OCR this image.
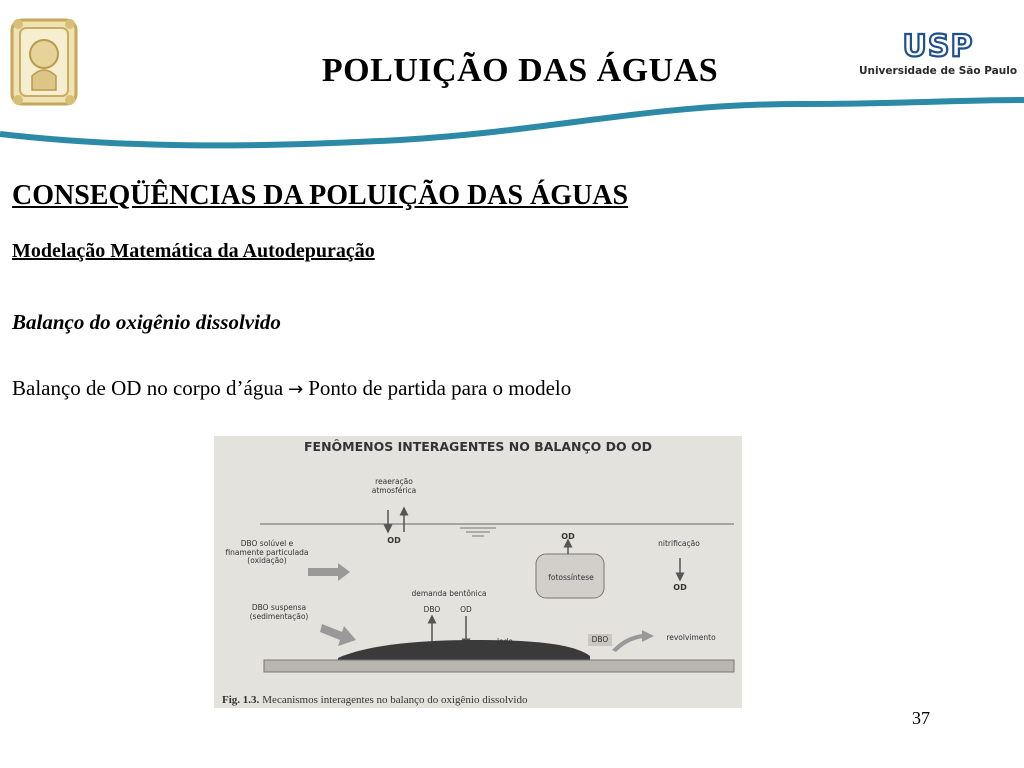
POLUIÇÃO DAS ÁGUAS
USP
Universidade de São Paulo
CONSEQÜÊNCIAS DA POLUIÇÃO DAS ÁGUAS
Modelação Matemática da Autodepuração
Balanço do oxigênio dissolvido
Balanço de OD no corpo d’água → Ponto de partida para o modelo
FENÔMENOS INTERAGENTES NO BALANÇO DO OD
reaeração atmosférica
OD
DBO solúvel e finamente particulada (oxidação)
OD
fotossíntese
nitrificação
OD
demanda bentônica
DBO	OD
DBO suspensa (sedimentação)
lodo	DBO	revolvimento
Fig. 1.3. Mecanismos interagentes no balanço do oxigênio dissolvido
37
